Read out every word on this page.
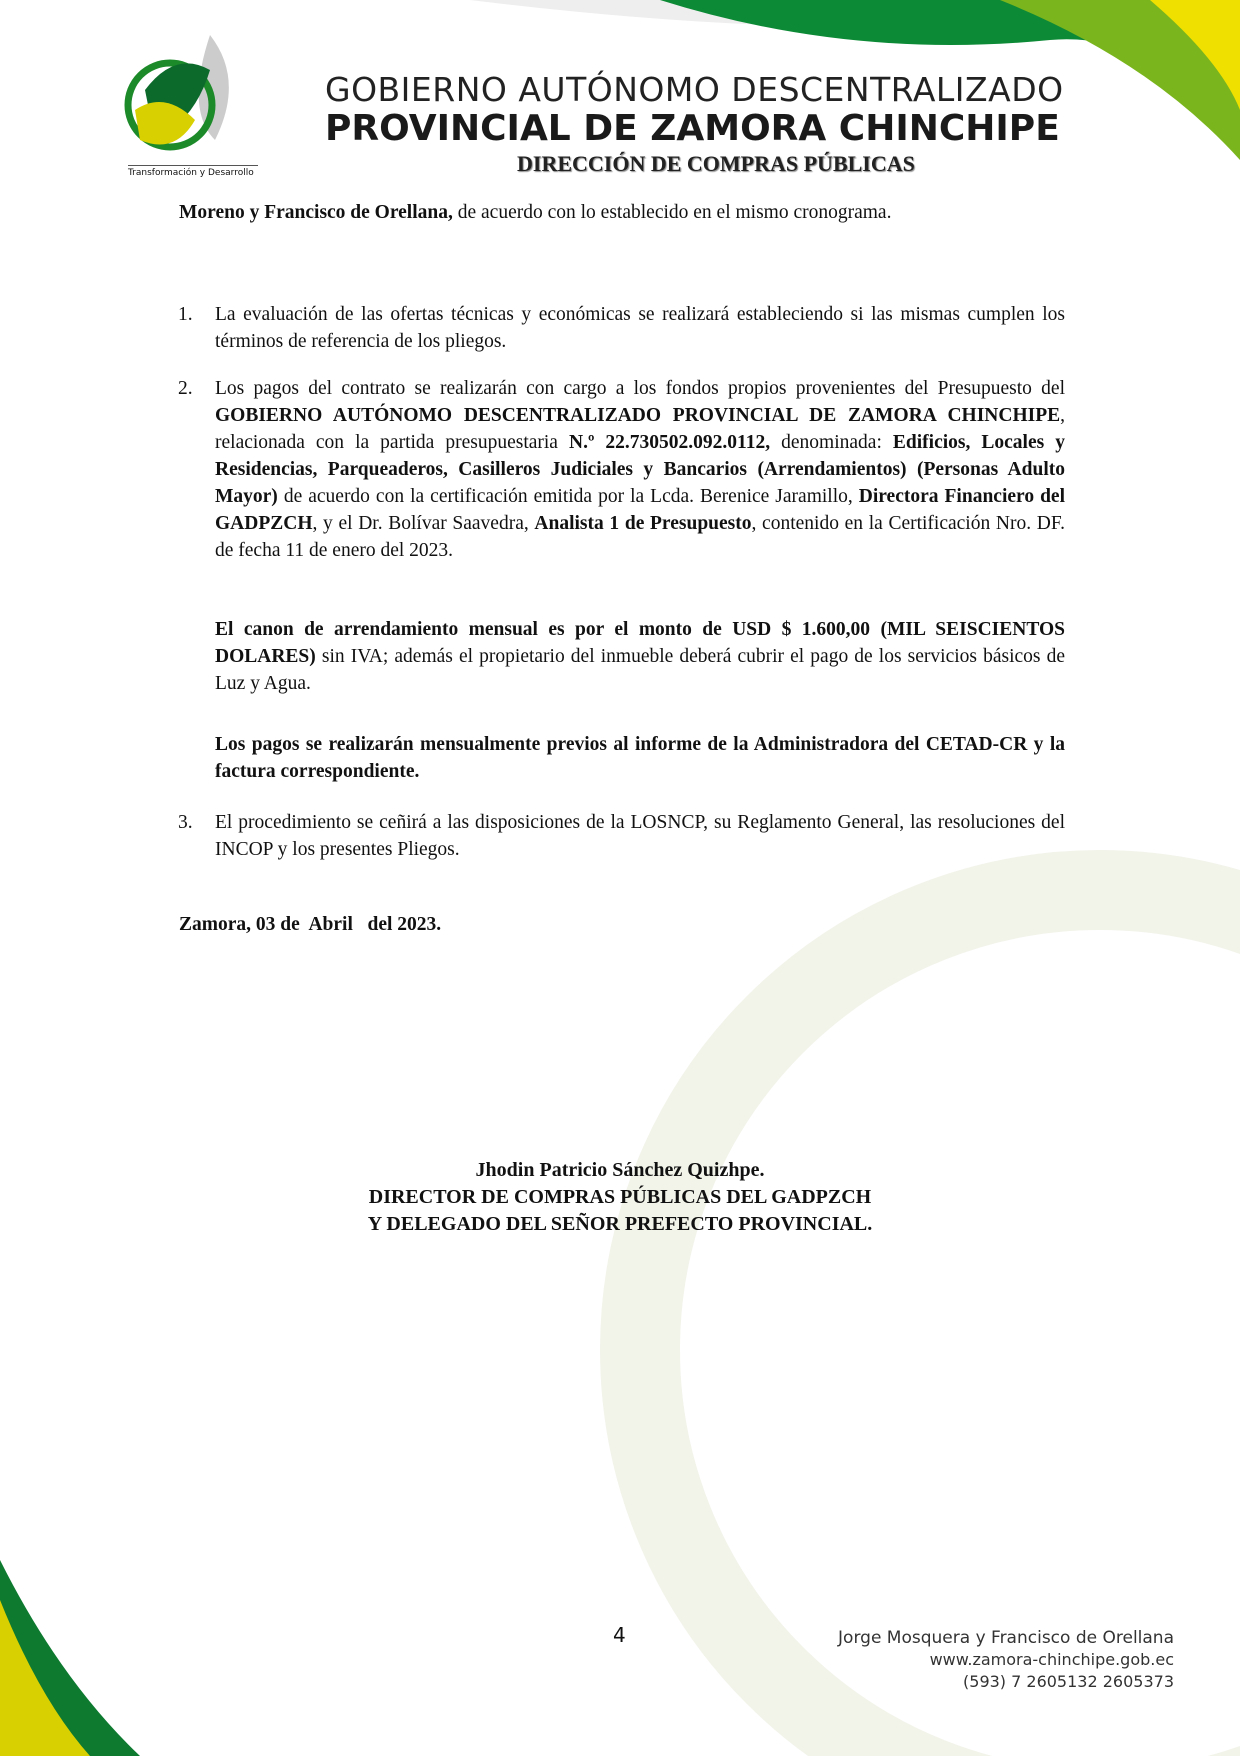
Transformación y Desarrollo
GOBIERNO AUTÓNOMO DESCENTRALIZADO
PROVINCIAL DE ZAMORA CHINCHIPE
DIRECCIÓN DE COMPRAS PÚBLICAS
Moreno y Francisco de Orellana, de acuerdo con lo establecido en el mismo cronograma.
1. La evaluación de las ofertas técnicas y económicas se realizará estableciendo si las mismas cumplen los términos de referencia de los pliegos.
2. Los pagos del contrato se realizarán con cargo a los fondos propios provenientes del Presupuesto del GOBIERNO AUTÓNOMO DESCENTRALIZADO PROVINCIAL DE ZAMORA CHINCHIPE, relacionada con la partida presupuestaria N.º 22.730502.092.0112, denominada: Edificios, Locales y Residencias, Parqueaderos, Casilleros Judiciales y Bancarios (Arrendamientos) (Personas Adulto Mayor) de acuerdo con la certificación emitida por la Lcda. Berenice Jaramillo, Directora Financiero del GADPZCH, y el Dr. Bolívar Saavedra, Analista 1 de Presupuesto, contenido en la Certificación Nro. DF. de fecha 11 de enero del 2023.
El canon de arrendamiento mensual es por el monto de USD $ 1.600,00 (MIL SEISCIENTOS DOLARES) sin IVA; además el propietario del inmueble deberá cubrir el pago de los servicios básicos de Luz y Agua.
Los pagos se realizarán mensualmente previos al informe de la Administradora del CETAD-CR y la factura correspondiente.
3. El procedimiento se ceñirá a las disposiciones de la LOSNCP, su Reglamento General, las resoluciones del INCOP y los presentes Pliegos.
Zamora, 03 de  Abril   del 2023.
Jhodin Patricio Sánchez Quizhpe.
DIRECTOR DE COMPRAS PÚBLICAS DEL GADPZCH
Y DELEGADO DEL SEÑOR PREFECTO PROVINCIAL.
4	Jorge Mosquera y Francisco de Orellana
www.zamora-chinchipe.gob.ec
(593) 7 2605132 2605373
